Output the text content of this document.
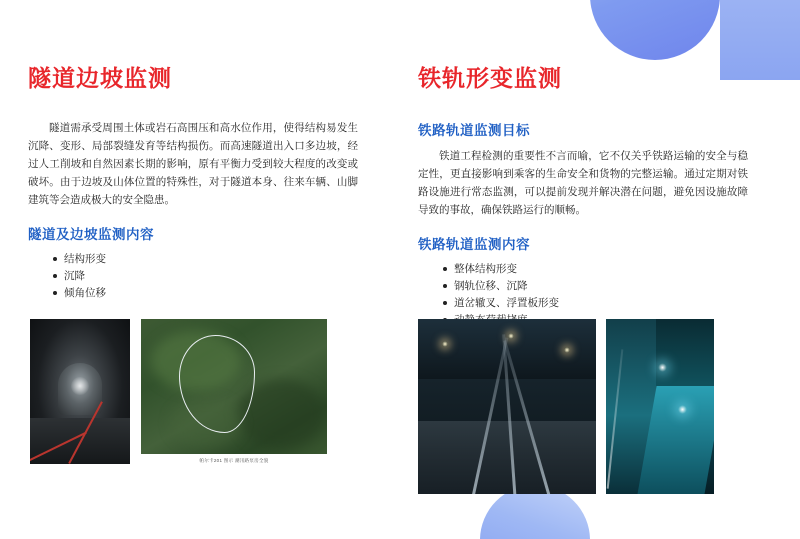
隧道边坡监测

隧道需承受周围土体或岩石高围压和高水位作用，使得结构易发生沉降、变形、局部裂缝发育等结构损伤。而高速隧道出入口多边坡，经过人工削坡和自然因素长期的影响，原有平衡力受到较大程度的改变或破坏。由于边坡及山体位置的特殊性，对于隧道本身、往来车辆、山脚建筑等会造成极大的安全隐患。

隧道及边坡监测内容
结构形变
沉降
倾角位移
铁轨形变监测
铁路轨道监测目标

铁道工程检测的重要性不言而喻，它不仅关乎铁路运输的安全与稳定性，更直接影响到乘客的生命安全和货物的完整运输。通过定期对铁路设施进行常态监测，可以提前发现并解决潜在问题，避免因设施故障导致的事故，确保铁路运行的顺畅。

铁路轨道监测内容
整体结构形变
钢轨位移、沉降
道岔辙叉、浮置板形变
帕尔卡201 图示 潮汛路泵房全貌
